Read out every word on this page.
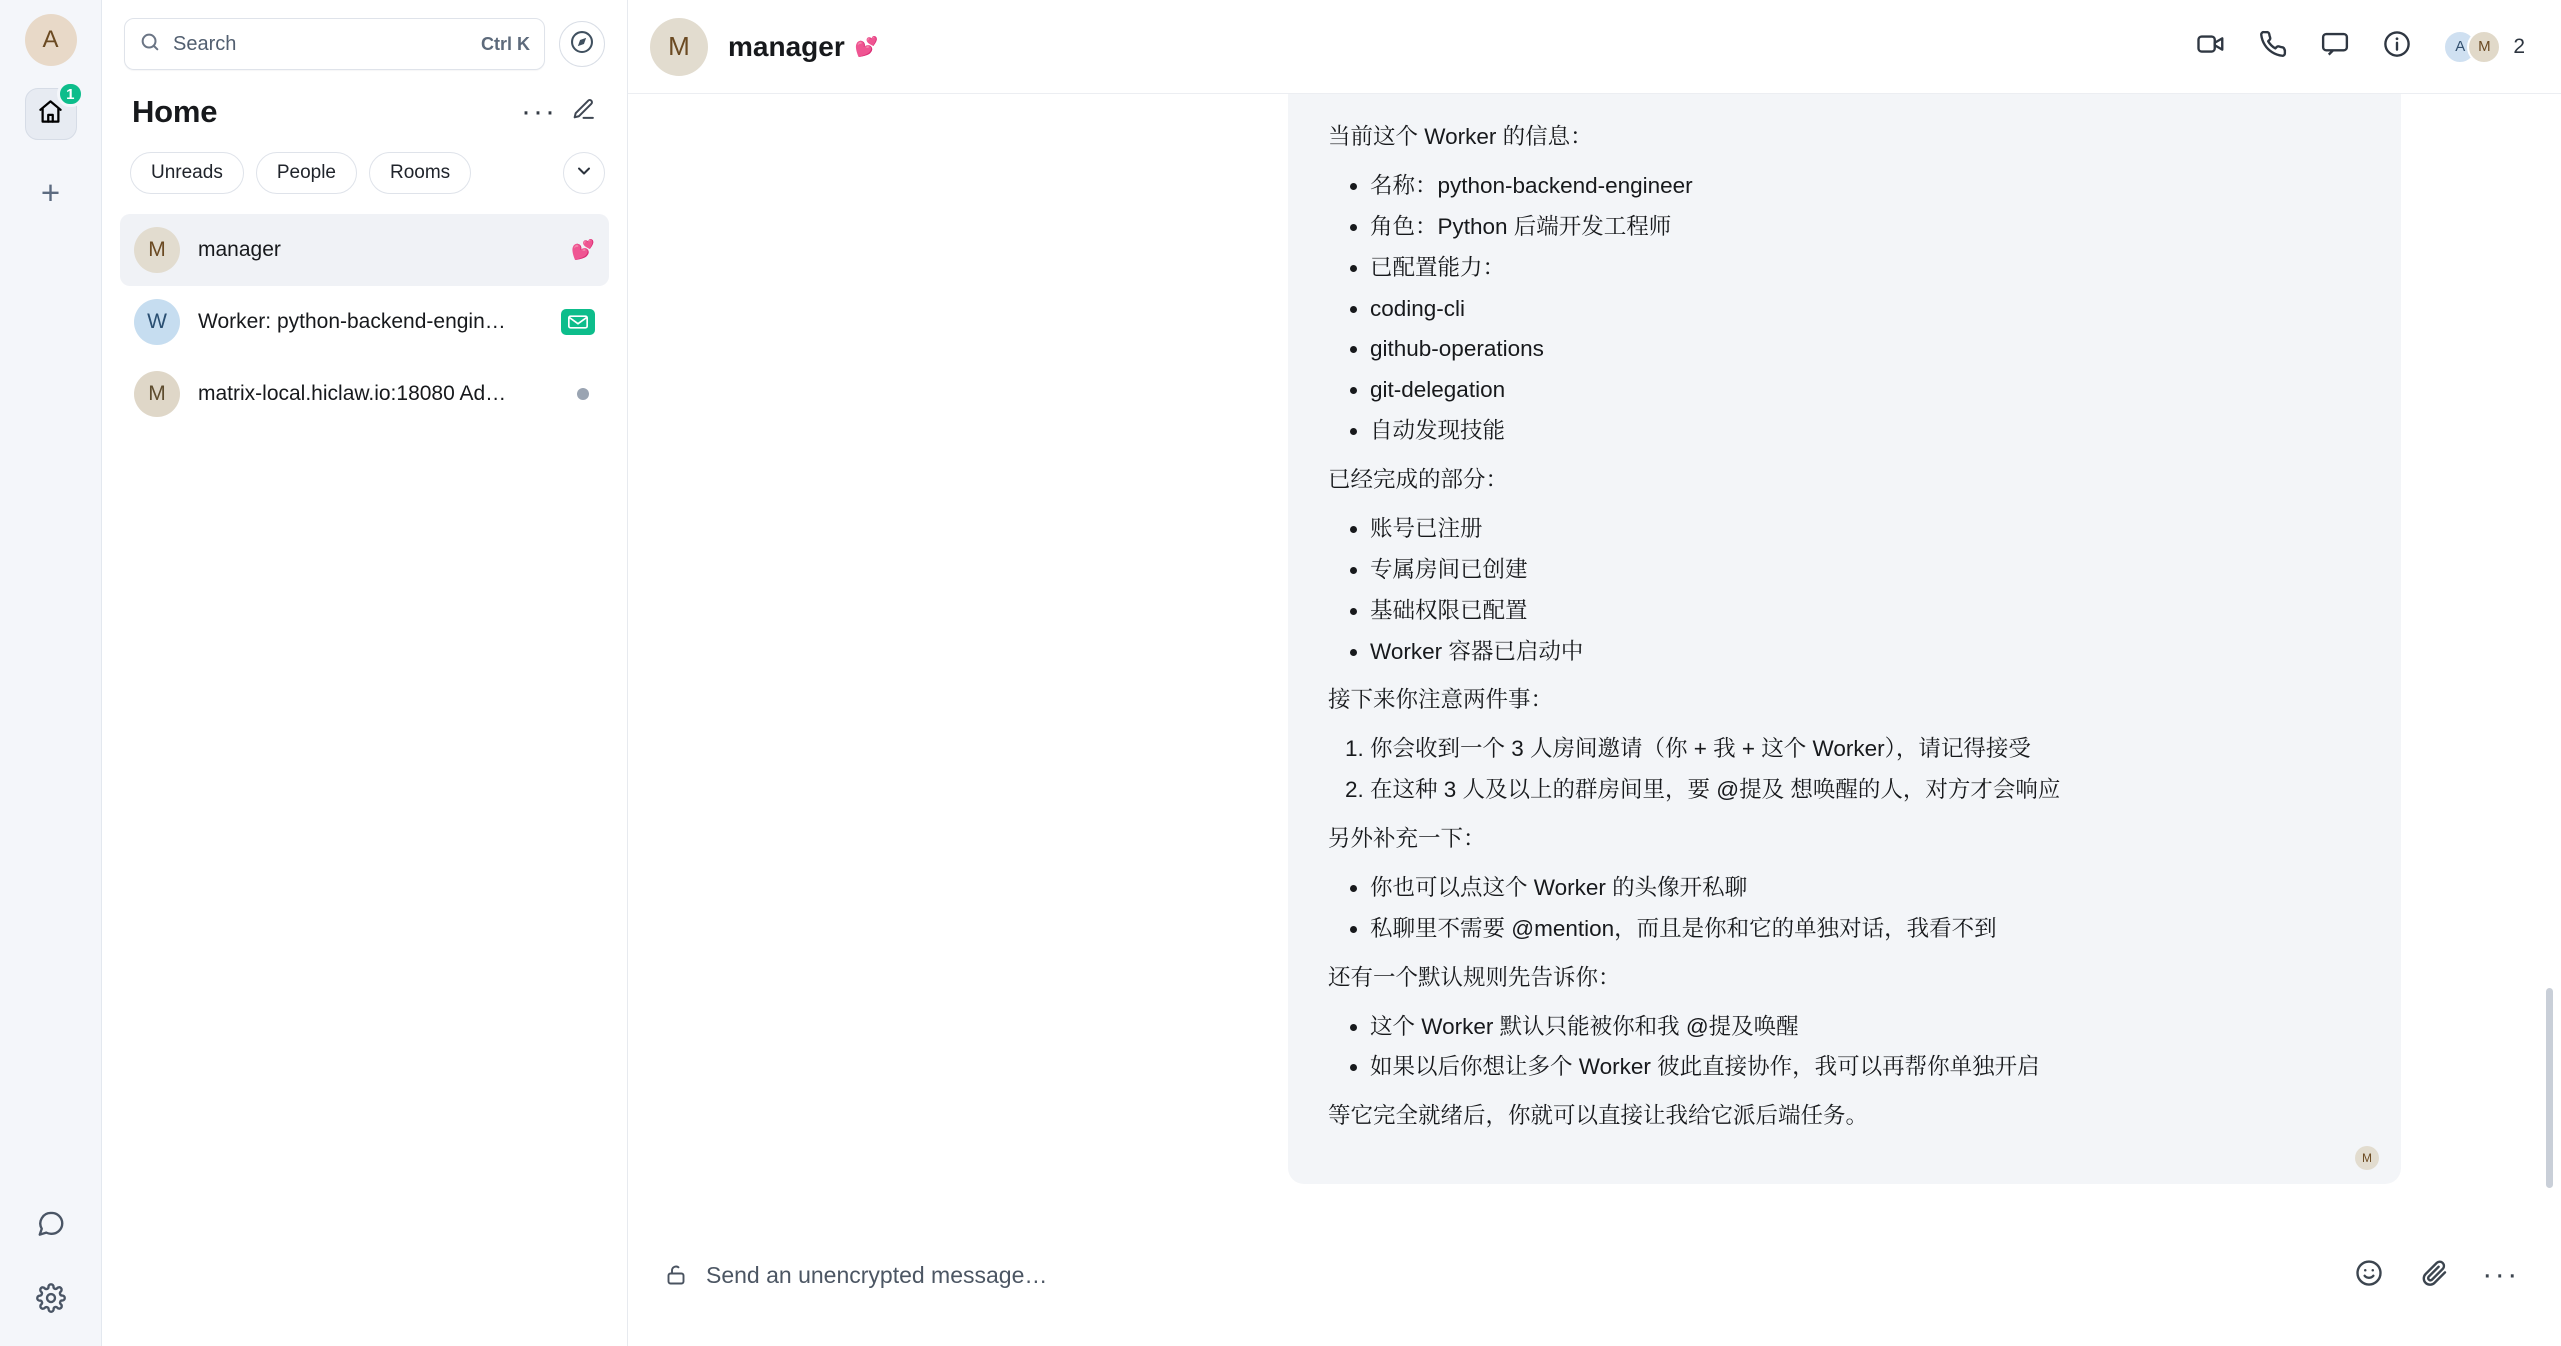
A
1
+
Search	Ctrl K
Home	···
Unreads	People	Rooms
M	manager	💕
W	Worker: python-backend-engin…
M	matrix-local.hiclaw.io:18080 Ad…
M	manager 💕	A M	2

当前这个 Worker 的信息：

• 名称：python-backend-engineer
• 角色：Python 后端开发工程师
• 已配置能力：
• coding-cli
• github-operations
• git-delegation
• 自动发现技能

已经完成的部分：

• 账号已注册
• 专属房间已创建
• 基础权限已配置
• Worker 容器已启动中

接下来你注意两件事：

1. 你会收到一个 3 人房间邀请（你 + 我 + 这个 Worker），请记得接受
2. 在这种 3 人及以上的群房间里，要 @提及 想唤醒的人，对方才会响应

另外补充一下：

• 你也可以点这个 Worker 的头像开私聊
• 私聊里不需要 @mention，而且是你和它的单独对话，我看不到

还有一个默认规则先告诉你：

• 这个 Worker 默认只能被你和我 @提及唤醒
• 如果以后你想让多个 Worker 彼此直接协作，我可以再帮你单独开启

等它完全就绪后，你就可以直接让我给它派后端任务。

M
Send an unencrypted message…	···
